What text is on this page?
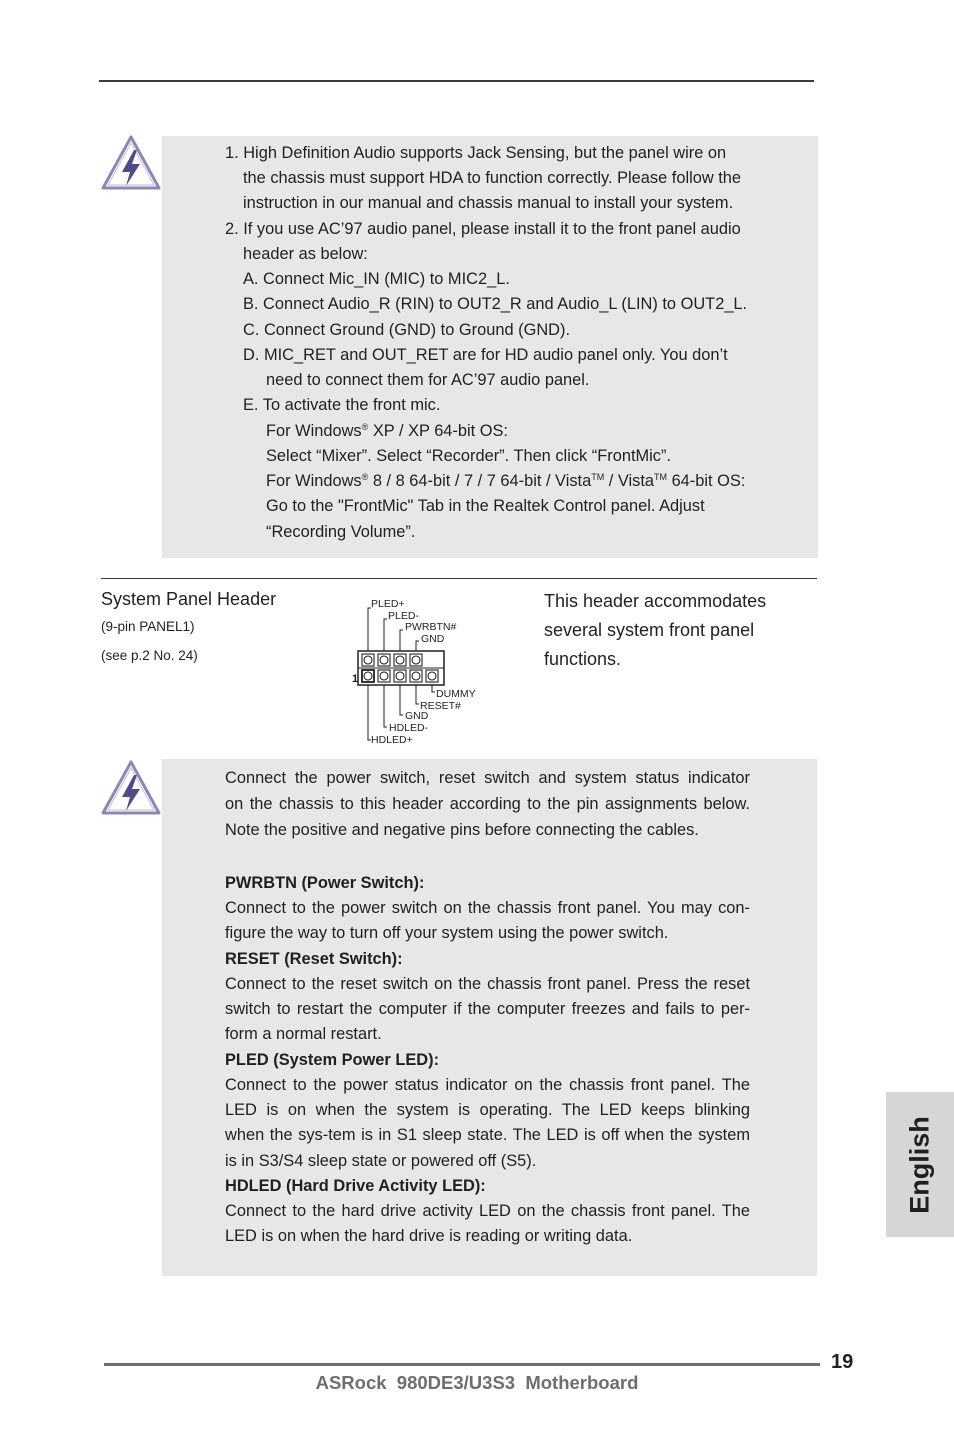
1. High Definition Audio supports Jack Sensing, but the panel wire on
the chassis must support HDA to function correctly. Please follow the
instruction in our manual and chassis manual to install your system.
2. If you use AC’97 audio panel, please install it to the front panel audio
header as below:
A. Connect Mic_IN (MIC) to MIC2_L.
B. Connect Audio_R (RIN) to OUT2_R and Audio_L (LIN) to OUT2_L.
C. Connect Ground (GND) to Ground (GND).
D. MIC_RET and OUT_RET are for HD audio panel only. You don’t
need to connect them for AC’97 audio panel.
E. To activate the front mic.
For Windows® XP / XP 64-bit OS:
Select “Mixer”. Select “Recorder”. Then click “FrontMic”.
For Windows® 8 / 8 64-bit / 7 / 7 64-bit / Vista™ / Vista™ 64-bit OS:
Go to the "FrontMic" Tab in the Realtek Control panel. Adjust
“Recording Volume”.
System Panel Header
(9-pin PANEL1)
(see p.2 No. 24)
PLED+
PLED-
PWRBTN#
GND
DUMMY
RESET#
GND
HDLED-
HDLED+
1
This header accommodates
several system front panel
functions.
Connect the power switch, reset switch and system status indicator
on the chassis to this header according to the pin assignments below.
Note the positive and negative pins before connecting the cables.
PWRBTN (Power Switch):
Connect to the power switch on the chassis front panel. You may con-
figure the way to turn off your system using the power switch.
RESET (Reset Switch):
Connect to the reset switch on the chassis front panel. Press the reset
switch to restart the computer if the computer freezes and fails to per-
form a normal restart.
PLED (System Power LED):
Connect to the power status indicator on the chassis front panel. The
LED is on when the system is operating. The LED keeps blinking
when the sys-tem is in S1 sleep state. The LED is off when the system
is in S3/S4 sleep state or powered off (S5).
HDLED (Hard Drive Activity LED):
Connect to the hard drive activity LED on the chassis front panel. The
LED is on when the hard drive is reading or writing data.
English
19
ASRock  980DE3/U3S3  Motherboard
